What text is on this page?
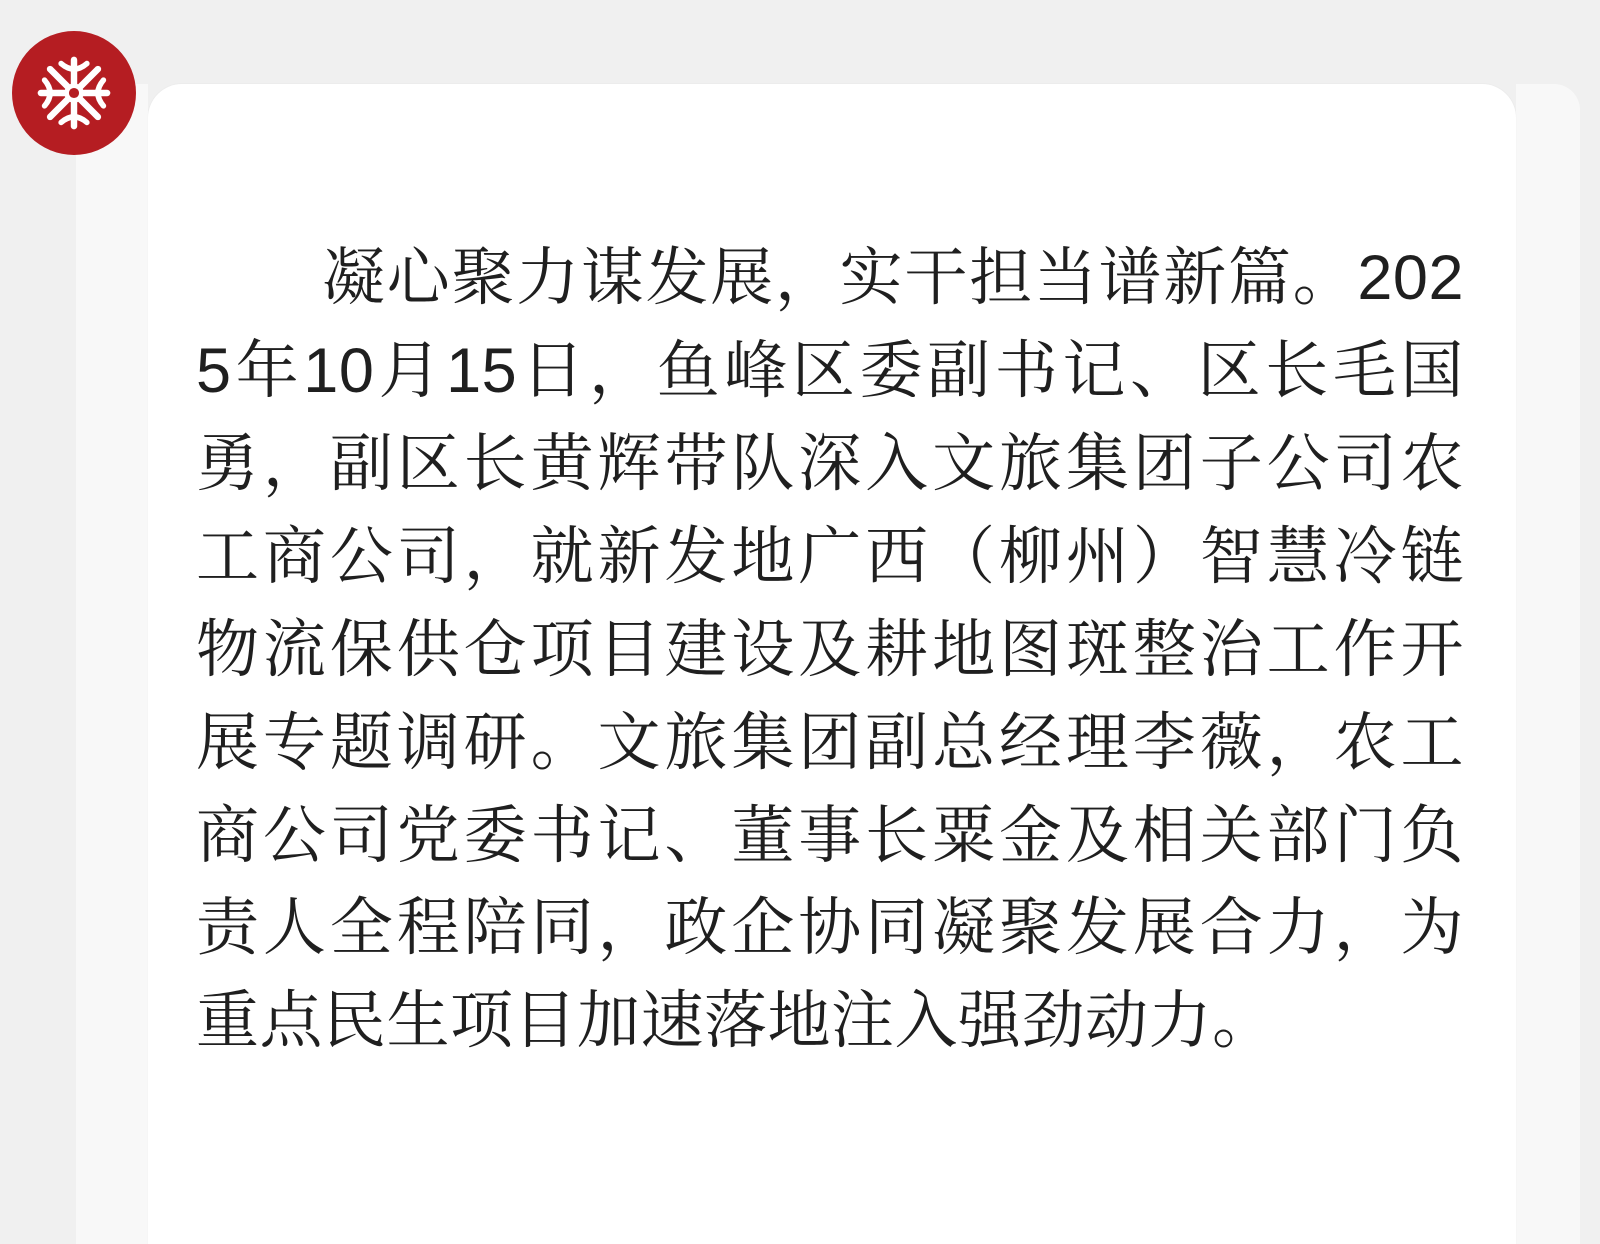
凝心聚力谋发展，实干担当谱新篇。2025年10月15日，鱼峰区委副书记、区长毛国勇，副区长黄辉带队深入文旅集团子公司农工商公司，就新发地广西（柳州）智慧冷链物流保供仓项目建设及耕地图斑整治工作开展专题调研。文旅集团副总经理李薇，农工商公司党委书记、董事长粟金及相关部门负责人全程陪同，政企协同凝聚发展合力，为重点民生项目加速落地注入强劲动力。
